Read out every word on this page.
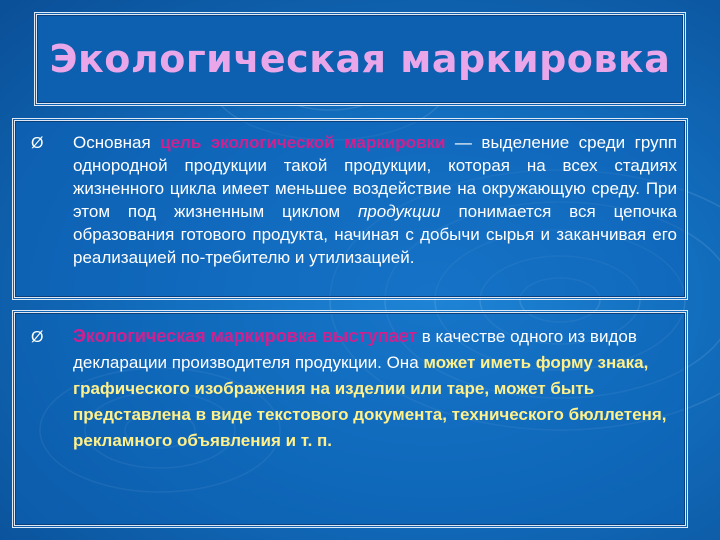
Экологическая маркировка
Ø Основная цель экологической маркировки — выделение среди групп однородной продукции такой продукции, которая на всех стадиях жизненного цикла имеет меньшее воздействие на окружающую среду. При этом под жизненным циклом продукции понимается вся цепочка образования готового продукта, начиная с добычи сырья и заканчивая его реализацией по-требителю и утилизацией.
Ø Экологическая маркировка выступает в качестве одного из видов декларации производителя продукции. Она может иметь форму знака, графического изображения на изделии или таре, может быть представлена в виде текстового документа, технического бюллетеня, рекламного объявления и т. п.
